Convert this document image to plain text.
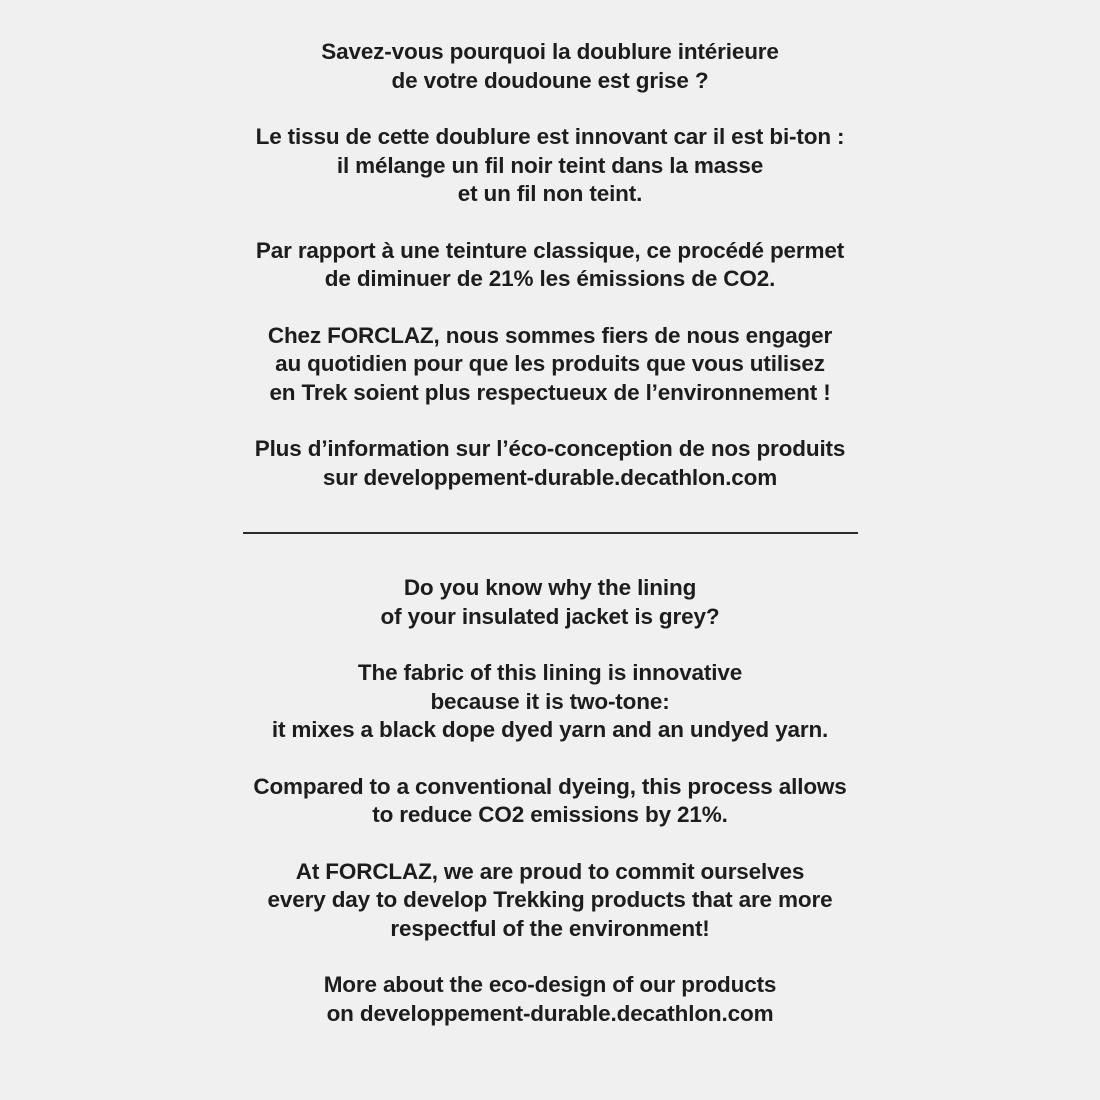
Savez-vous pourquoi la doublure intérieure
de votre doudoune est grise ?

Le tissu de cette doublure est innovant car il est bi-ton :
il mélange un fil noir teint dans la masse
et un fil non teint.

Par rapport à une teinture classique, ce procédé permet
de diminuer de 21% les émissions de CO2.

Chez FORCLAZ, nous sommes fiers de nous engager
au quotidien pour que les produits que vous utilisez
en Trek soient plus respectueux de l’environnement !

Plus d’information sur l’éco-conception de nos produits
sur developpement-durable.decathlon.com

Do you know why the lining
of your insulated jacket is grey?

The fabric of this lining is innovative
because it is two-tone:
it mixes a black dope dyed yarn and an undyed yarn.

Compared to a conventional dyeing, this process allows
to reduce CO2 emissions by 21%.

At FORCLAZ, we are proud to commit ourselves
every day to develop Trekking products that are more
respectful of the environment!

More about the eco-design of our products
on developpement-durable.decathlon.com
